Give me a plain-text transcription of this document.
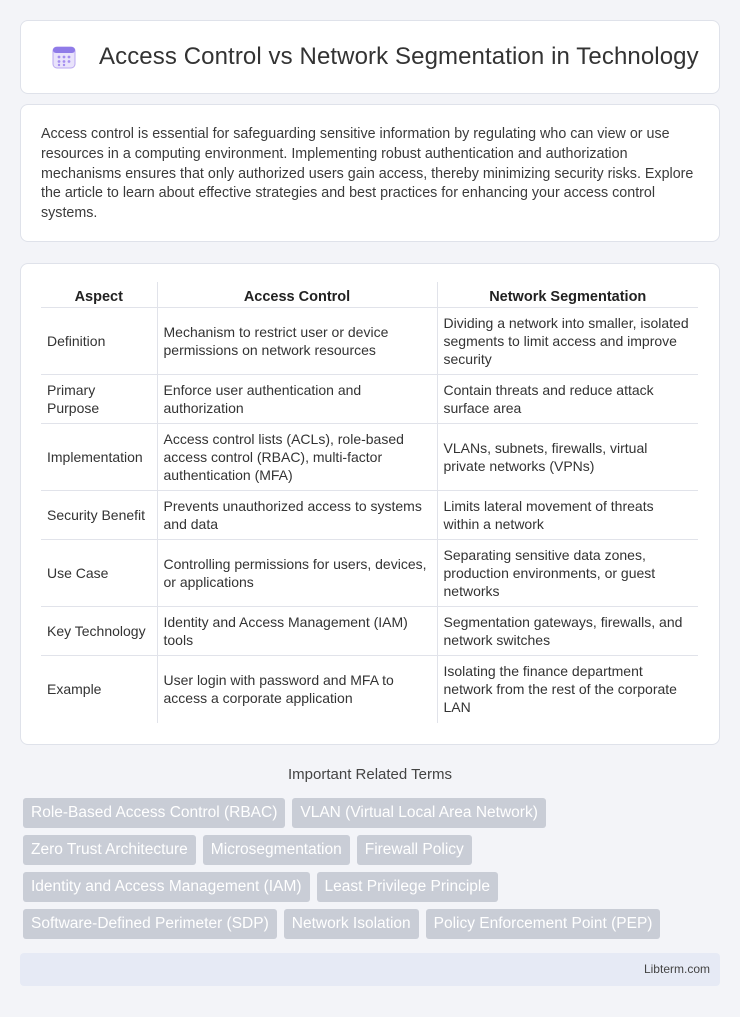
Access Control vs Network Segmentation in Technology

Access control is essential for safeguarding sensitive information by regulating who can view or use resources in a computing environment. Implementing robust authentication and authorization mechanisms ensures that only authorized users gain access, thereby minimizing security risks. Explore the article to learn about effective strategies and best practices for enhancing your access control systems.

Aspect	Access Control	Network Segmentation
Definition	Mechanism to restrict user or device permissions on network resources	Dividing a network into smaller, isolated segments to limit access and improve security
Primary Purpose	Enforce user authentication and authorization	Contain threats and reduce attack surface area
Implementation	Access control lists (ACLs), role-based access control (RBAC), multi-factor authentication (MFA)	VLANs, subnets, firewalls, virtual private networks (VPNs)
Security Benefit	Prevents unauthorized access to systems and data	Limits lateral movement of threats within a network
Use Case	Controlling permissions for users, devices, or applications	Separating sensitive data zones, production environments, or guest networks
Key Technology	Identity and Access Management (IAM) tools	Segmentation gateways, firewalls, and network switches
Example	User login with password and MFA to access a corporate application	Isolating the finance department network from the rest of the corporate LAN
Important Related Terms
Role-Based Access Control (RBAC)	VLAN (Virtual Local Area Network)
Zero Trust Architecture	Microsegmentation	Firewall Policy
Identity and Access Management (IAM)	Least Privilege Principle
Software-Defined Perimeter (SDP)	Network Isolation	Policy Enforcement Point (PEP)
Libterm.com
